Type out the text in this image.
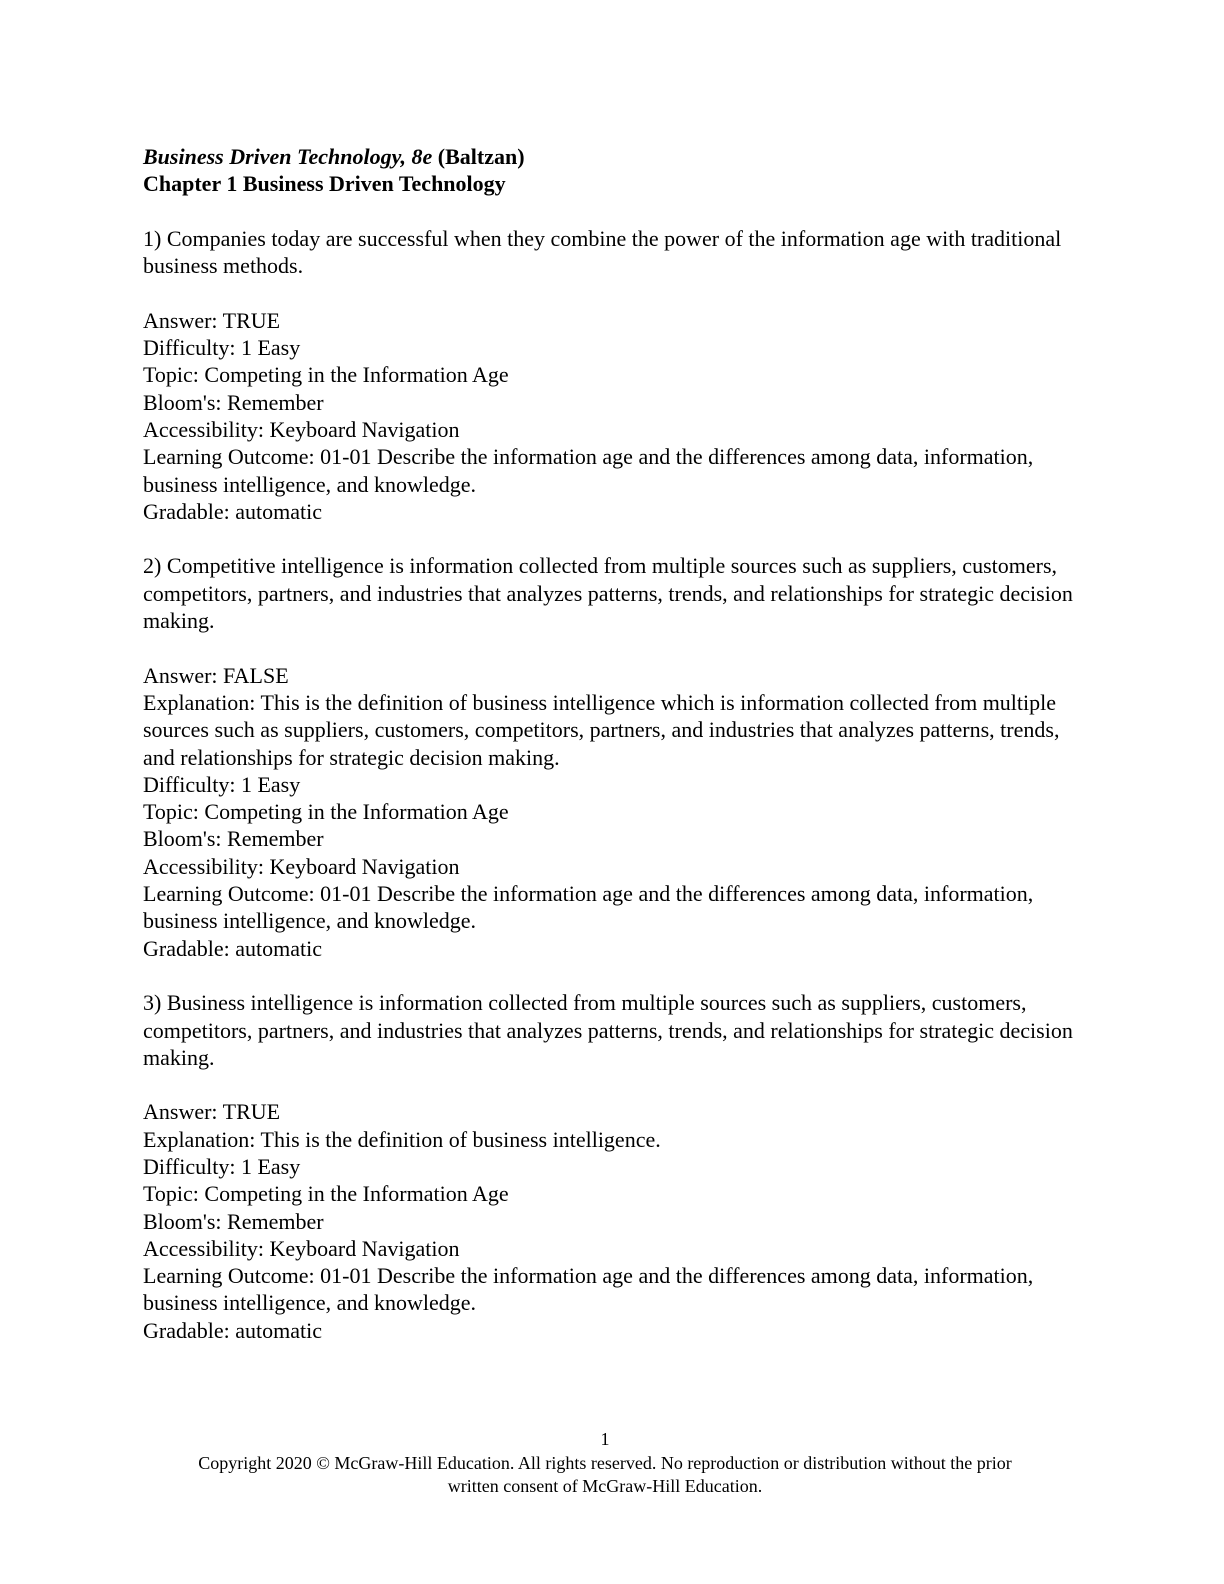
Business Driven Technology, 8e (Baltzan)
Chapter 1 Business Driven Technology

1) Companies today are successful when they combine the power of the information age with traditional business methods.

Answer: TRUE

Difficulty: 1 Easy

Topic: Competing in the Information Age

Bloom's: Remember

Accessibility: Keyboard Navigation

Learning Outcome: 01-01 Describe the information age and the differences among data, information, business intelligence, and knowledge.

Gradable: automatic

2) Competitive intelligence is information collected from multiple sources such as suppliers, customers, competitors, partners, and industries that analyzes patterns, trends, and relationships for strategic decision making.

Answer: FALSE

Explanation: This is the definition of business intelligence which is information collected from multiple sources such as suppliers, customers, competitors, partners, and industries that analyzes patterns, trends, and relationships for strategic decision making.

Difficulty: 1 Easy

Topic: Competing in the Information Age

Bloom's: Remember

Accessibility: Keyboard Navigation

Learning Outcome: 01-01 Describe the information age and the differences among data, information, business intelligence, and knowledge.

Gradable: automatic

3) Business intelligence is information collected from multiple sources such as suppliers, customers, competitors, partners, and industries that analyzes patterns, trends, and relationships for strategic decision making.

Answer: TRUE

Explanation: This is the definition of business intelligence.

Difficulty: 1 Easy

Topic: Competing in the Information Age

Bloom's: Remember

Accessibility: Keyboard Navigation

Learning Outcome: 01-01 Describe the information age and the differences among data, information, business intelligence, and knowledge.

Gradable: automatic

1
Copyright 2020 © McGraw-Hill Education. All rights reserved. No reproduction or distribution without the prior
written consent of McGraw-Hill Education.
